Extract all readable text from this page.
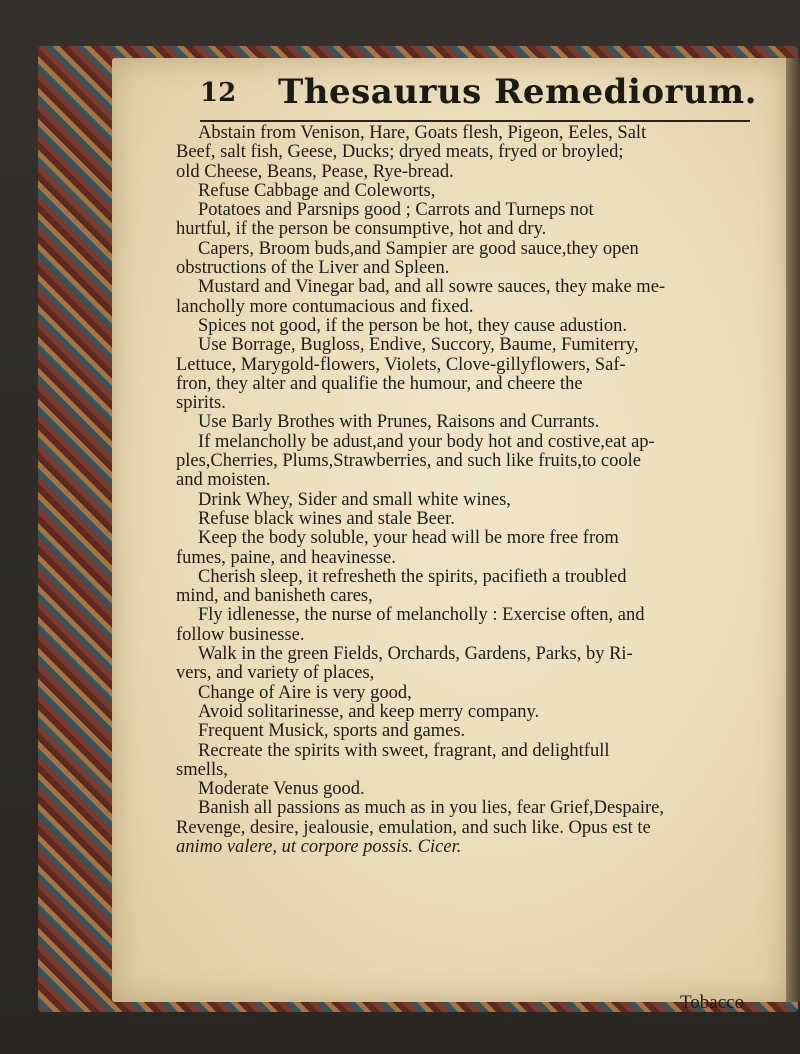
12 Thesaurus Remediorum.
Abstain from Venison, Hare, Goats flesh, Pigeon, Eeles, Salt
Beef, salt fish, Geese, Ducks; dryed meats, fryed or broyled;
old Cheese, Beans, Pease, Rye-bread.
Refuse Cabbage and Coleworts,
Potatoes and Parsnips good ; Carrots and Turneps not
hurtful, if the person be consumptive, hot and dry.
Capers, Broom buds,and Sampier are good sauce,they open
obstructions of the Liver and Spleen.
Mustard and Vinegar bad, and all sowre sauces, they make me-
lancholly more contumacious and fixed.
Spices not good, if the person be hot, they cause adustion.
Use Borrage, Bugloss, Endive, Succory, Baume, Fumiterry,
Lettuce, Marygold-flowers, Violets, Clove-gillyflowers, Saf-
fron, they alter and qualifie the humour, and cheere the
spirits.
Use Barly Brothes with Prunes, Raisons and Currants.
If melancholly be adust,and your body hot and costive,eat ap-
ples,Cherries, Plums,Strawberries, and such like fruits,to coole
and moisten.
Drink Whey, Sider and small white wines,
Refuse black wines and stale Beer.
Keep the body soluble, your head will be more free from
fumes, paine, and heavinesse.
Cherish sleep, it refresheth the spirits, pacifieth a troubled
mind, and banisheth cares,
Fly idlenesse, the nurse of melancholly : Exercise often, and
follow businesse.
Walk in the green Fields, Orchards, Gardens, Parks, by Ri-
vers, and variety of places,
Change of Aire is very good,
Avoid solitarinesse, and keep merry company.
Frequent Musick, sports and games.
Recreate the spirits with sweet, fragrant, and delightfull
smells,
Moderate Venus good.
Banish all passions as much as in you lies, fear Grief,Despaire,
Revenge, desire, jealousie, emulation, and such like. Opus est te
animo valere, ut corpore possis. Cicer.
Tobacco
